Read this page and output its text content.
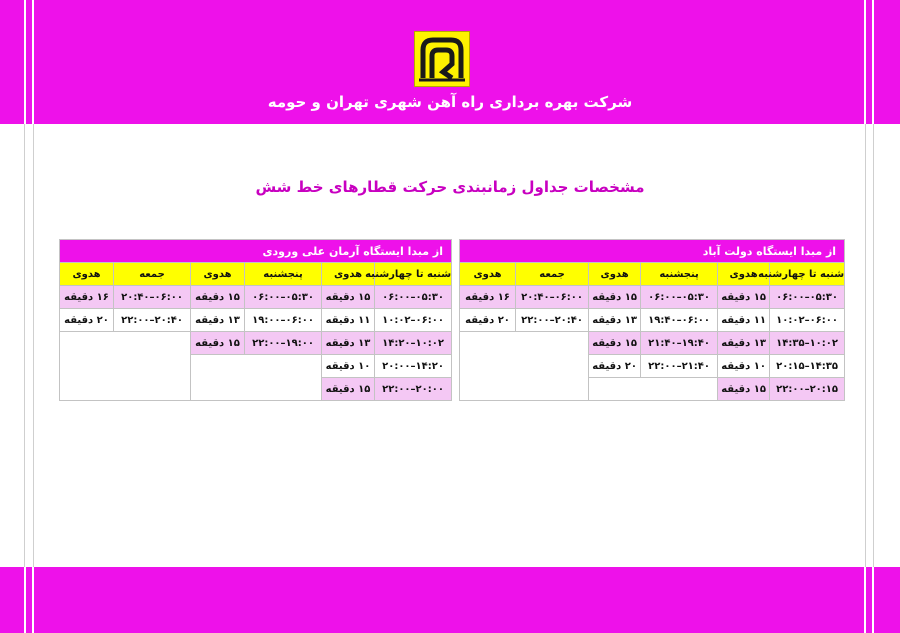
شرکت بهره برداری راه آهن شهری تهران و حومه
مشخصات جداول زمانبندی حرکت قطارهای خط شش
از مبدا ایستگاه دولت آباد					
شنبه تا چهارشنبه	هدوی	پنجشنبه	هدوی	جمعه	هدوی
۰۵:۳۰–۰۶:۰۰	۱۵ دقیقه	۰۵:۳۰–۰۶:۰۰	۱۵ دقیقه	۰۶:۰۰–۲۰:۴۰	۱۶ دقیقه
۰۶:۰۰–۱۰:۰۲	۱۱ دقیقه	۰۶:۰۰–۱۹:۴۰	۱۳ دقیقه	۲۰:۴۰–۲۲:۰۰	۲۰ دقیقه
۱۰:۰۲–۱۴:۳۵	۱۳ دقیقه	۱۹:۴۰–۲۱:۴۰	۱۵ دقیقه		
۱۴:۳۵–۲۰:۱۵	۱۰ دقیقه	۲۱:۴۰–۲۲:۰۰	۲۰ دقیقه		
۲۰:۱۵–۲۲:۰۰	۱۵ دقیقه				
از مبدا ایستگاه آرمان علی ورودی					
شنبه تا چهارشنبه	هدوی	پنجشنبه	هدوی	جمعه	هدوی
۰۵:۳۰–۰۶:۰۰	۱۵ دقیقه	۰۵:۳۰–۰۶:۰۰	۱۵ دقیقه	۰۶:۰۰–۲۰:۴۰	۱۶ دقیقه
۰۶:۰۰–۱۰:۰۲	۱۱ دقیقه	۰۶:۰۰–۱۹:۰۰	۱۳ دقیقه	۲۰:۴۰–۲۲:۰۰	۲۰ دقیقه
۱۰:۰۲–۱۴:۲۰	۱۳ دقیقه	۱۹:۰۰–۲۲:۰۰	۱۵ دقیقه		
۱۴:۲۰–۲۰:۰۰	۱۰ دقیقه				
۲۰:۰۰–۲۲:۰۰	۱۵ دقیقه				
